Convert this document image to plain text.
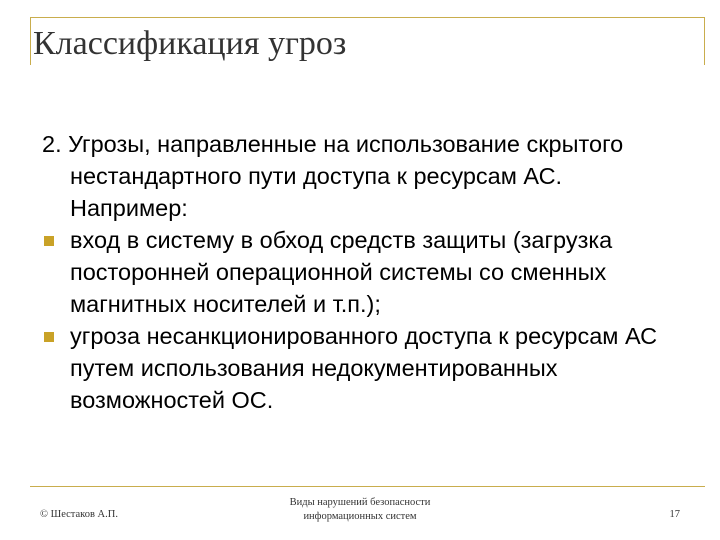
Классификация угроз

2. Угрозы, направленные на использование скрытого нестандартного пути доступа к ресурсам АС. Например:

вход в систему в обход средств защиты (загрузка посторонней операционной системы со сменных магнитных носителей и т.п.);
угроза несанкционированного доступа к ресурсам АС путем использования недокументированных возможностей ОС.
© Шестаков А.П.
Виды нарушений безопасности
информационных систем	17
